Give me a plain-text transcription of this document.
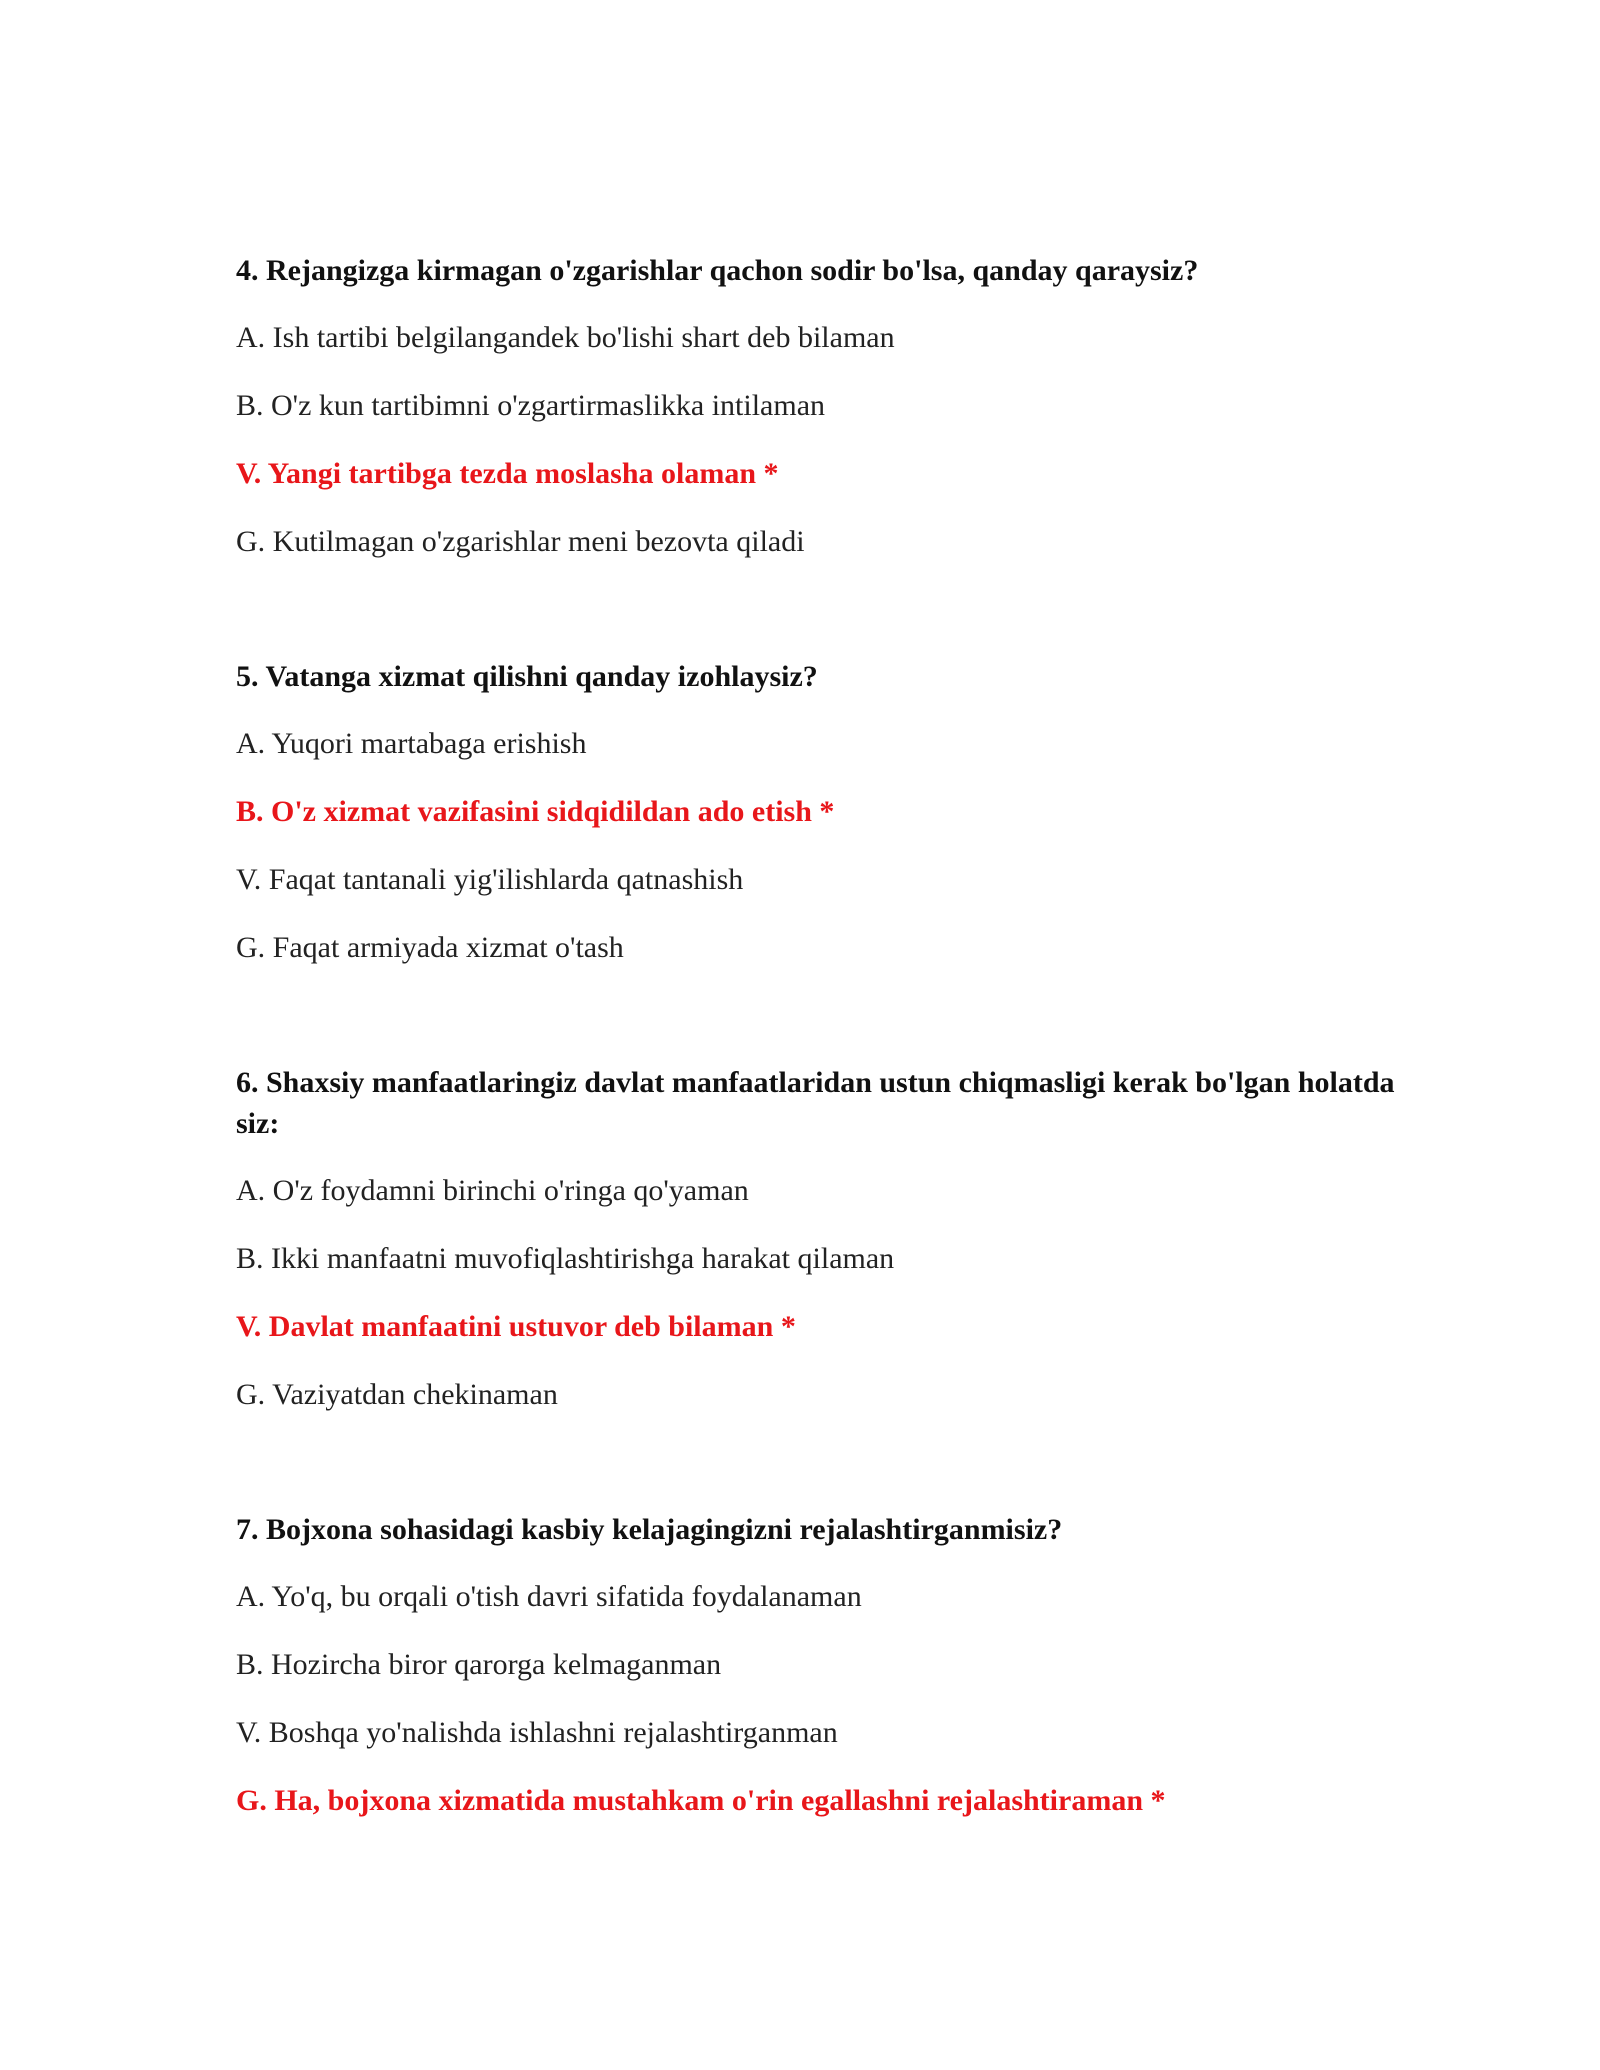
4. Rejangizga kirmagan o'zgarishlar qachon sodir bo'lsa, qanday qaraysiz?
A. Ish tartibi belgilangandek bo'lishi shart deb bilaman
B. O'z kun tartibimni o'zgartirmaslikka intilaman
V. Yangi tartibga tezda moslasha olaman *
G. Kutilmagan o'zgarishlar meni bezovta qiladi
5. Vatanga xizmat qilishni qanday izohlaysiz?
A. Yuqori martabaga erishish
B. O'z xizmat vazifasini sidqidildan ado etish *
V. Faqat tantanali yig'ilishlarda qatnashish
G. Faqat armiyada xizmat o'tash
6. Shaxsiy manfaatlaringiz davlat manfaatlaridan ustun chiqmasligi kerak bo'lgan holatda siz:
A. O'z foydamni birinchi o'ringa qo'yaman
B. Ikki manfaatni muvofiqlashtirishga harakat qilaman
V. Davlat manfaatini ustuvor deb bilaman *
G. Vaziyatdan chekinaman
7. Bojxona sohasidagi kasbiy kelajagingizni rejalashtirganmisiz?
A. Yo'q, bu orqali o'tish davri sifatida foydalanaman
B. Hozircha biror qarorga kelmaganman
V. Boshqa yo'nalishda ishlashni rejalashtirganman
G. Ha, bojxona xizmatida mustahkam o'rin egallashni rejalashtiraman *
